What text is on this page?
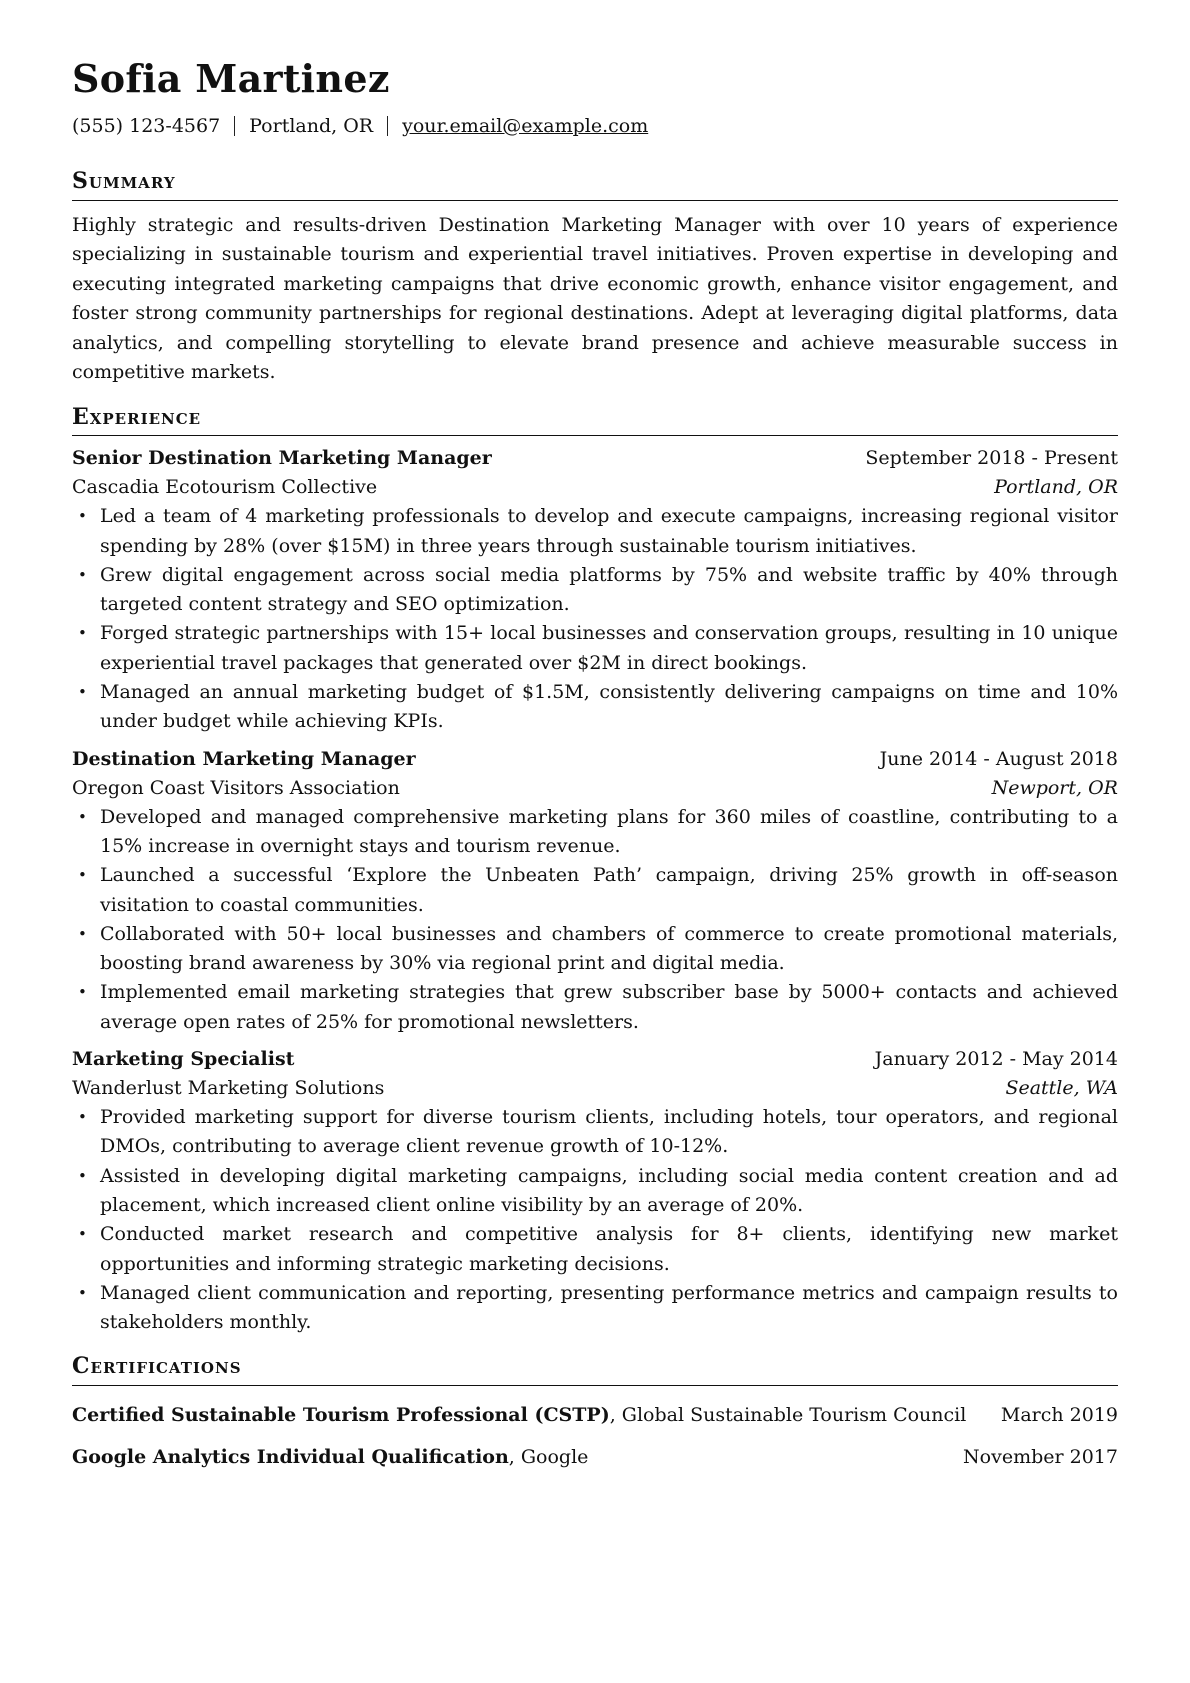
Sofia Martinez
(555) 123-4567 Portland, OR your.email@example.com
Summary

Highly strategic and results-driven Destination Marketing Manager with over 10 years of experience specializing in sustainable tourism and experiential travel initiatives. Proven expertise in developing and executing integrated marketing campaigns that drive economic growth, enhance visitor engagement, and foster strong community partnerships for regional destinations. Adept at leveraging digital platforms, data analytics, and compelling storytelling to elevate brand presence and achieve measurable success in competitive markets.

Experience
Senior Destination Marketing Manager	September 2018 - Present
Cascadia Ecotourism Collective	Portland, OR
• Led a team of 4 marketing professionals to develop and execute campaigns, increasing regional visitor spending by 28% (over $15M) in three years through sustainable tourism initiatives.
• Grew digital engagement across social media platforms by 75% and website traffic by 40% through targeted content strategy and SEO optimization.
• Forged strategic partnerships with 15+ local businesses and conservation groups, resulting in 10 unique experiential travel packages that generated over $2M in direct bookings.
• Managed an annual marketing budget of $1.5M, consistently delivering campaigns on time and 10% under budget while achieving KPIs.
Destination Marketing Manager	June 2014 - August 2018
Oregon Coast Visitors Association	Newport, OR
• Developed and managed comprehensive marketing plans for 360 miles of coastline, contributing to a 15% increase in overnight stays and tourism revenue.
• Launched a successful ‘Explore the Unbeaten Path’ campaign, driving 25% growth in off-season visitation to coastal communities.
• Collaborated with 50+ local businesses and chambers of commerce to create promotional materials, boosting brand awareness by 30% via regional print and digital media.
• Implemented email marketing strategies that grew subscriber base by 5000+ contacts and achieved average open rates of 25% for promotional newsletters.
Marketing Specialist	January 2012 - May 2014
Wanderlust Marketing Solutions	Seattle, WA
• Provided marketing support for diverse tourism clients, including hotels, tour operators, and regional DMOs, contributing to average client revenue growth of 10-12%.
• Assisted in developing digital marketing campaigns, including social media content creation and ad placement, which increased client online visibility by an average of 20%.
• Conducted market research and competitive analysis for 8+ clients, identifying new market opportunities and informing strategic marketing decisions.
• Managed client communication and reporting, presenting performance metrics and campaign results to stakeholders monthly.
Certifications
Certified Sustainable Tourism Professional (CSTP), Global Sustainable Tourism Council March 2019
Google Analytics Individual Qualification, Google	November 2017
